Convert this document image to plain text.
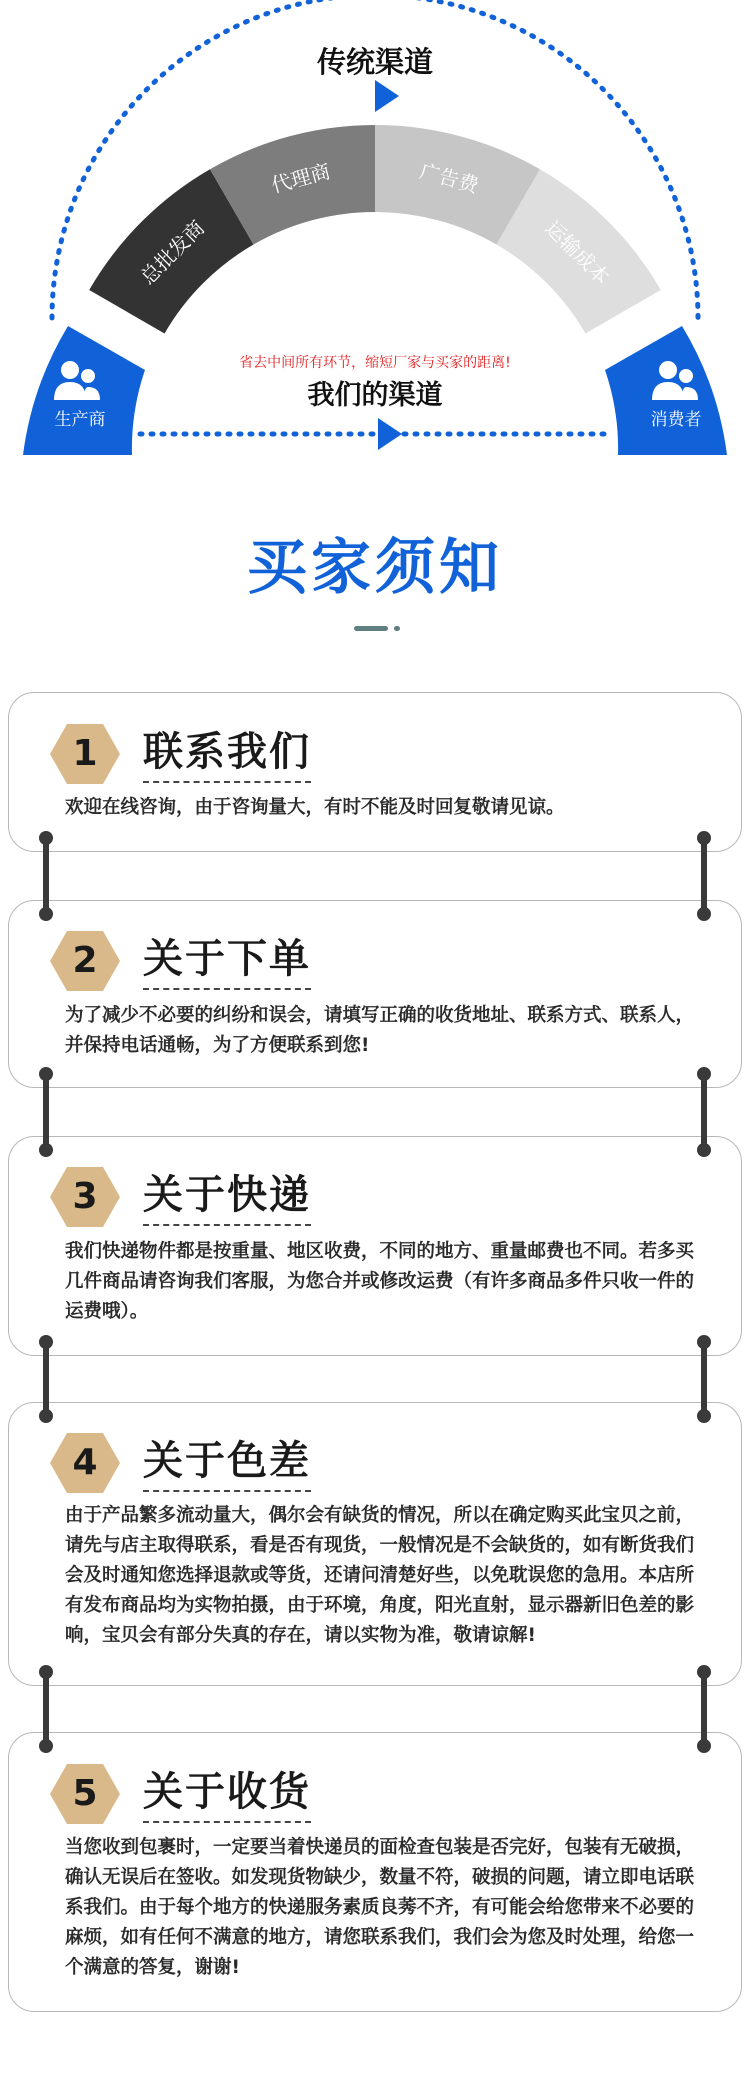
总批发商
代理商	广告费
运输成本
传统渠道
生产商	消费者
省去中间所有环节，缩短厂家与买家的距离!
我们的渠道
买家须知
1	联系我们
欢迎在线咨询，由于咨询量大，有时不能及时回复敬请见谅。
2	关于下单
为了减少不必要的纠纷和误会，请填写正确的收货地址、联系方式、联系人，并保持电话通畅，为了方便联系到您!
3	关于快递
我们快递物件都是按重量、地区收费，不同的地方、重量邮费也不同。若多买几件商品请咨询我们客服，为您合并或修改运费（有许多商品多件只收一件的运费哦）。
4	关于色差
由于产品繁多流动量大，偶尔会有缺货的情况，所以在确定购买此宝贝之前，请先与店主取得联系，看是否有现货，一般情况是不会缺货的，如有断货我们会及时通知您选择退款或等货，还请问清楚好些，以免耽误您的急用。本店所有发布商品均为实物拍摄，由于环境，角度，阳光直射，显示器新旧色差的影响，宝贝会有部分失真的存在，请以实物为准，敬请谅解!
5	关于收货
当您收到包裹时，一定要当着快递员的面检查包装是否完好，包装有无破损，确认无误后在签收。如发现货物缺少，数量不符，破损的问题，请立即电话联系我们。由于每个地方的快递服务素质良莠不齐，有可能会给您带来不必要的麻烦，如有任何不满意的地方，请您联系我们，我们会为您及时处理，给您一个满意的答复，谢谢!
